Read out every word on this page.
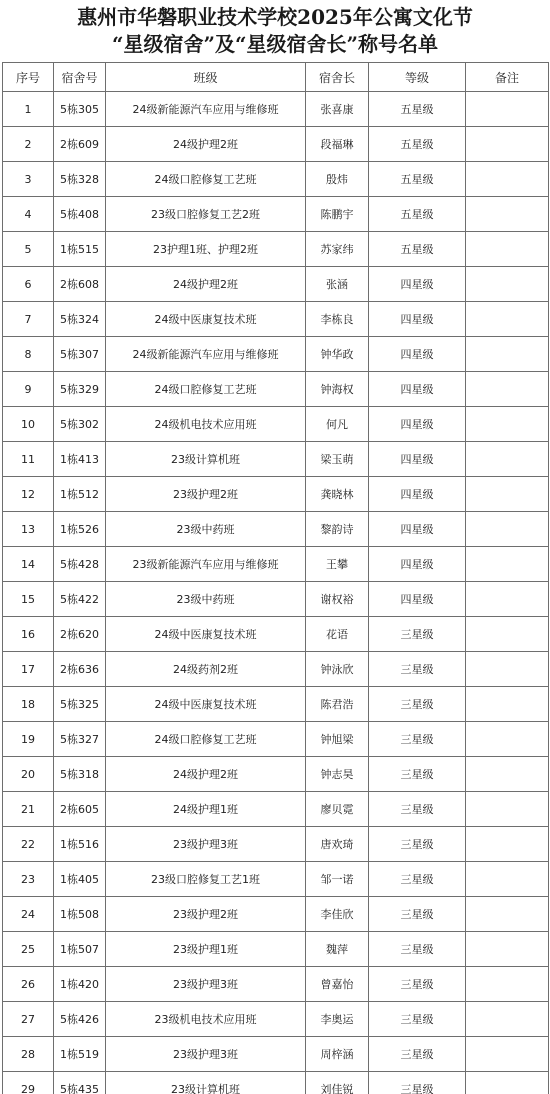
惠州市华磐职业技术学校2025年公寓文化节
“星级宿舍”及“星级宿舍长”称号名单
序号	宿舍号	班级	宿舍长	等级	备注
1	5栋305	24级新能源汽车应用与维修班	张喜康	五星级	
2	2栋609	24级护理2班	段福琳	五星级	
3	5栋328	24级口腔修复工艺班	殷炜	五星级	
4	5栋408	23级口腔修复工艺2班	陈鹏宇	五星级	
5	1栋515	23护理1班、护理2班	苏家纬	五星级	
6	2栋608	24级护理2班	张涵	四星级	
7	5栋324	24级中医康复技术班	李栋良	四星级	
8	5栋307	24级新能源汽车应用与维修班	钟华政	四星级	
9	5栋329	24级口腔修复工艺班	钟海权	四星级	
10	5栋302	24级机电技术应用班	何凡	四星级	
11	1栋413	23级计算机班	梁玉萌	四星级	
12	1栋512	23级护理2班	龚晓林	四星级	
13	1栋526	23级中药班	黎韵诗	四星级	
14	5栋428	23级新能源汽车应用与维修班	王攀	四星级	
15	5栋422	23级中药班	谢权裕	四星级	
16	2栋620	24级中医康复技术班	花语	三星级	
17	2栋636	24级药剂2班	钟泳欣	三星级	
18	5栋325	24级中医康复技术班	陈君浩	三星级	
19	5栋327	24级口腔修复工艺班	钟旭梁	三星级	
20	5栋318	24级护理2班	钟志昊	三星级	
21	2栋605	24级护理1班	廖贝霓	三星级	
22	1栋516	23级护理3班	唐欢琦	三星级	
23	1栋405	23级口腔修复工艺1班	邹一诺	三星级	
24	1栋508	23级护理2班	李佳欣	三星级	
25	1栋507	23级护理1班	魏萍	三星级	
26	1栋420	23级护理3班	曾嘉怡	三星级	
27	5栋426	23级机电技术应用班	李奥运	三星级	
28	1栋519	23级护理3班	周梓涵	三星级	
29	5栋435	23级计算机班	刘佳锐	三星级	
